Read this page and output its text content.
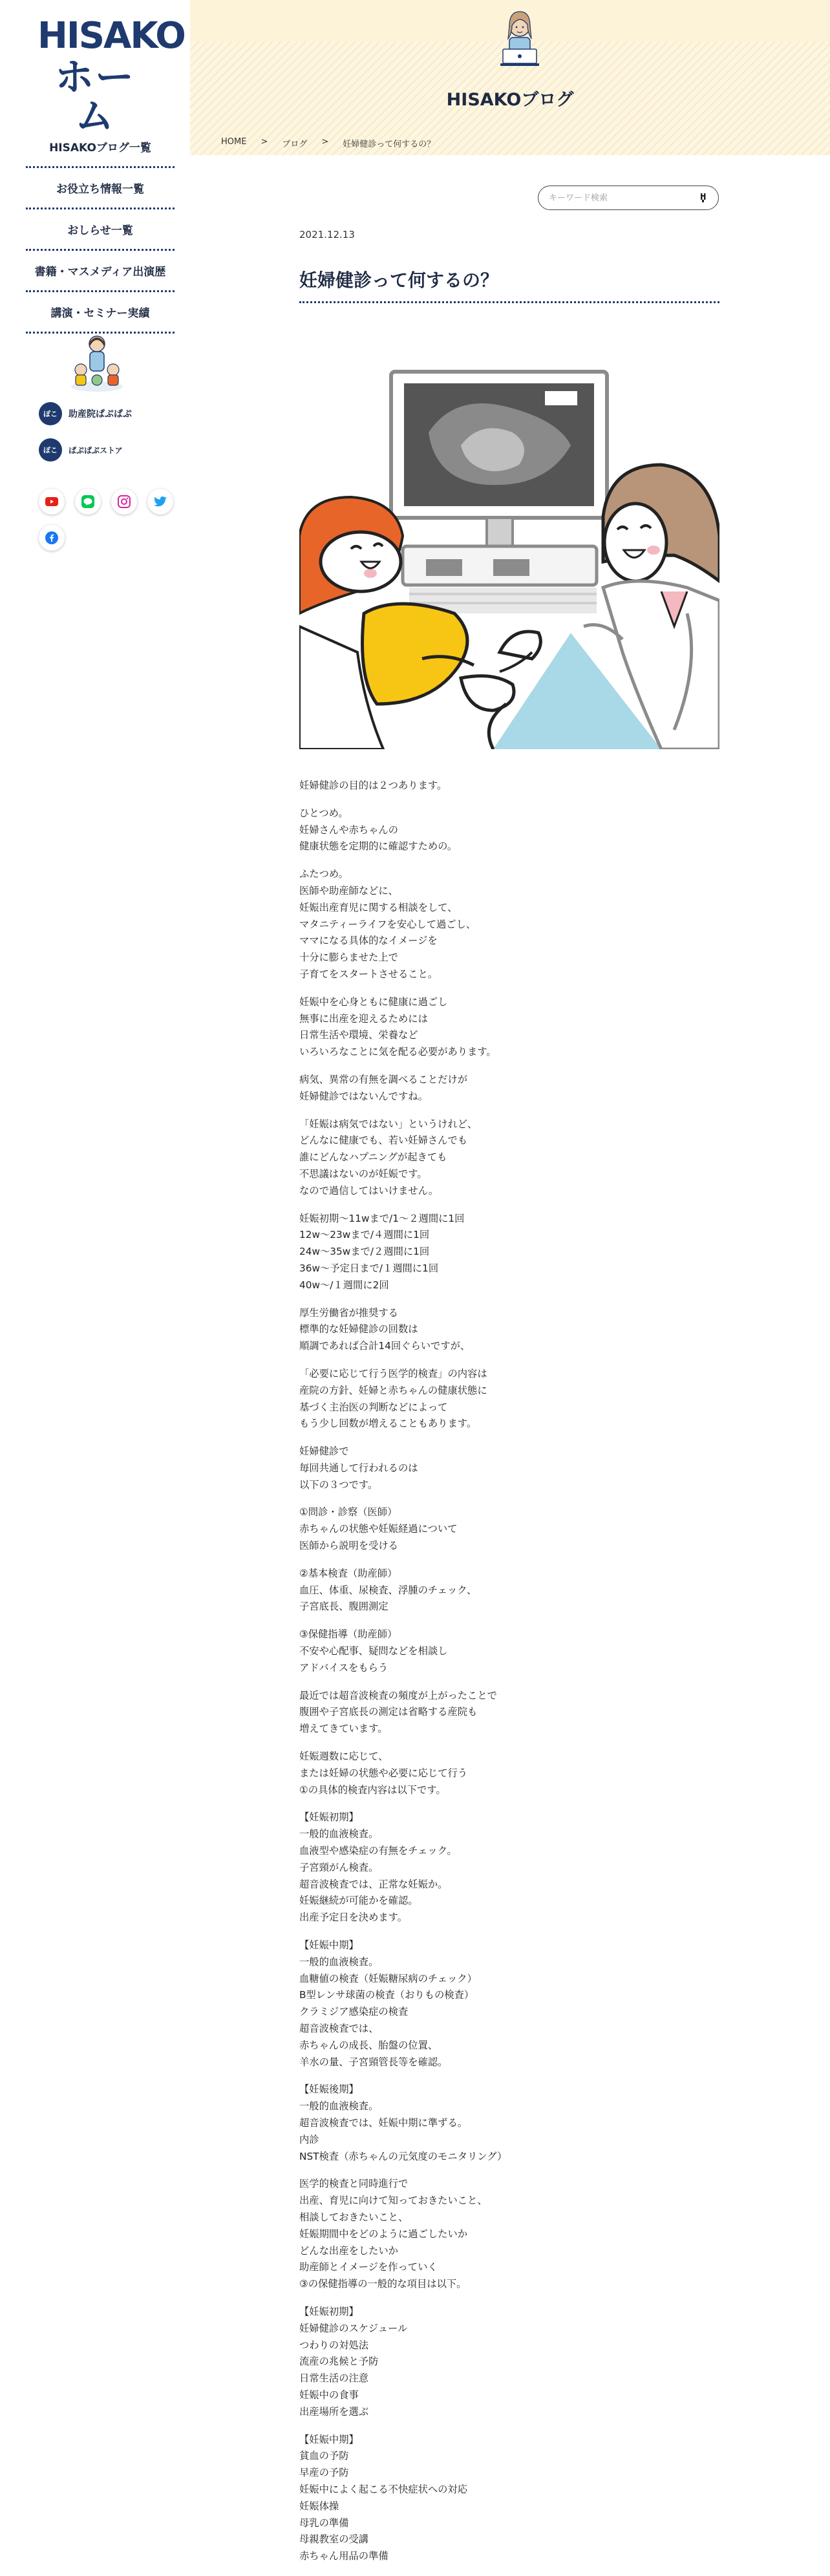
HISAKO
ホーム
HISAKOブログ一覧
お役立ち情報一覧
おしらせ一覧
書籍・マスメディア出演歴
講演・セミナー実績
ぽこ	助産院ぱぷぱぷ
ぽこ	ぱぷぱぷストア
HISAKOブログ
HOME > ブログ > 妊婦健診って何するの？
キーワード検索
2021.12.13
妊婦健診って何するの？

妊婦健診の目的は２つあります。

ひとつめ。
妊婦さんや赤ちゃんの
健康状態を定期的に確認すための。

ふたつめ。
医師や助産師などに、
妊娠出産育児に関する相談をして、
マタニティーライフを安心して過ごし、
ママになる具体的なイメージを
十分に膨らませた上で
子育てをスタートさせること。

妊娠中を心身ともに健康に過ごし
無事に出産を迎えるためには
日常生活や環境、栄養など
いろいろなことに気を配る必要があります。

病気、異常の有無を調べることだけが
妊婦健診ではないんですね。

「妊娠は病気ではない」というけれど、
どんなに健康でも、若い妊婦さんでも
誰にどんなハプニングが起きても
不思議はないのが妊娠です。
なので過信してはいけません。

妊娠初期〜11wまで/1〜２週間に1回
12w〜23wまで/４週間に1回
24w〜35wまで/２週間に1回
36w〜予定日まで/１週間に1回
40w〜/１週間に2回

厚生労働省が推奨する
標準的な妊婦健診の回数は
順調であれば合計14回ぐらいですが、

「必要に応じて行う医学的検査」の内容は
産院の方針、妊婦と赤ちゃんの健康状態に
基づく主治医の判断などによって
もう少し回数が増えることもあります。

妊婦健診で
毎回共通して行われるのは
以下の３つです。

①問診・診察（医師）
赤ちゃんの状態や妊娠経過について
医師から説明を受ける

②基本検査（助産師）
血圧、体重、尿検査、浮腫のチェック、
子宮底長、腹囲測定

③保健指導（助産師）
不安や心配事、疑問などを相談し
アドバイスをもらう

最近では超音波検査の頻度が上がったことで
腹囲や子宮底長の測定は省略する産院も
増えてきています。

妊娠週数に応じて、
または妊婦の状態や必要に応じて行う
①の具体的検査内容は以下です。

【妊娠初期】
一般的血液検査。
血液型や感染症の有無をチェック。
子宮頸がん検査。
超音波検査では、正常な妊娠か。
妊娠継続が可能かを確認。
出産予定日を決めます。

【妊娠中期】
一般的血液検査。
血糖値の検査（妊娠糖尿病のチェック）
B型レンサ球菌の検査（おりもの検査）
クラミジア感染症の検査
超音波検査では、
赤ちゃんの成長、胎盤の位置、
羊水の量、子宮頸管長等を確認。

【妊娠後期】
一般的血液検査。
超音波検査では、妊娠中期に準ずる。
内診
NST検査（赤ちゃんの元気度のモニタリング）

医学的検査と同時進行で
出産、育児に向けて知っておきたいこと、
相談しておきたいこと、
妊娠期間中をどのように過ごしたいか
どんな出産をしたいか
助産師とイメージを作っていく
③の保健指導の一般的な項目は以下。

【妊娠初期】
妊婦健診のスケジュール
つわりの対処法
流産の兆候と予防
日常生活の注意
妊娠中の食事
出産場所を選ぶ

【妊娠中期】
貧血の予防
早産の予防
妊娠中によく起こる不快症状への対応
妊娠体操
母乳の準備
母親教室の受講
赤ちゃん用品の準備
